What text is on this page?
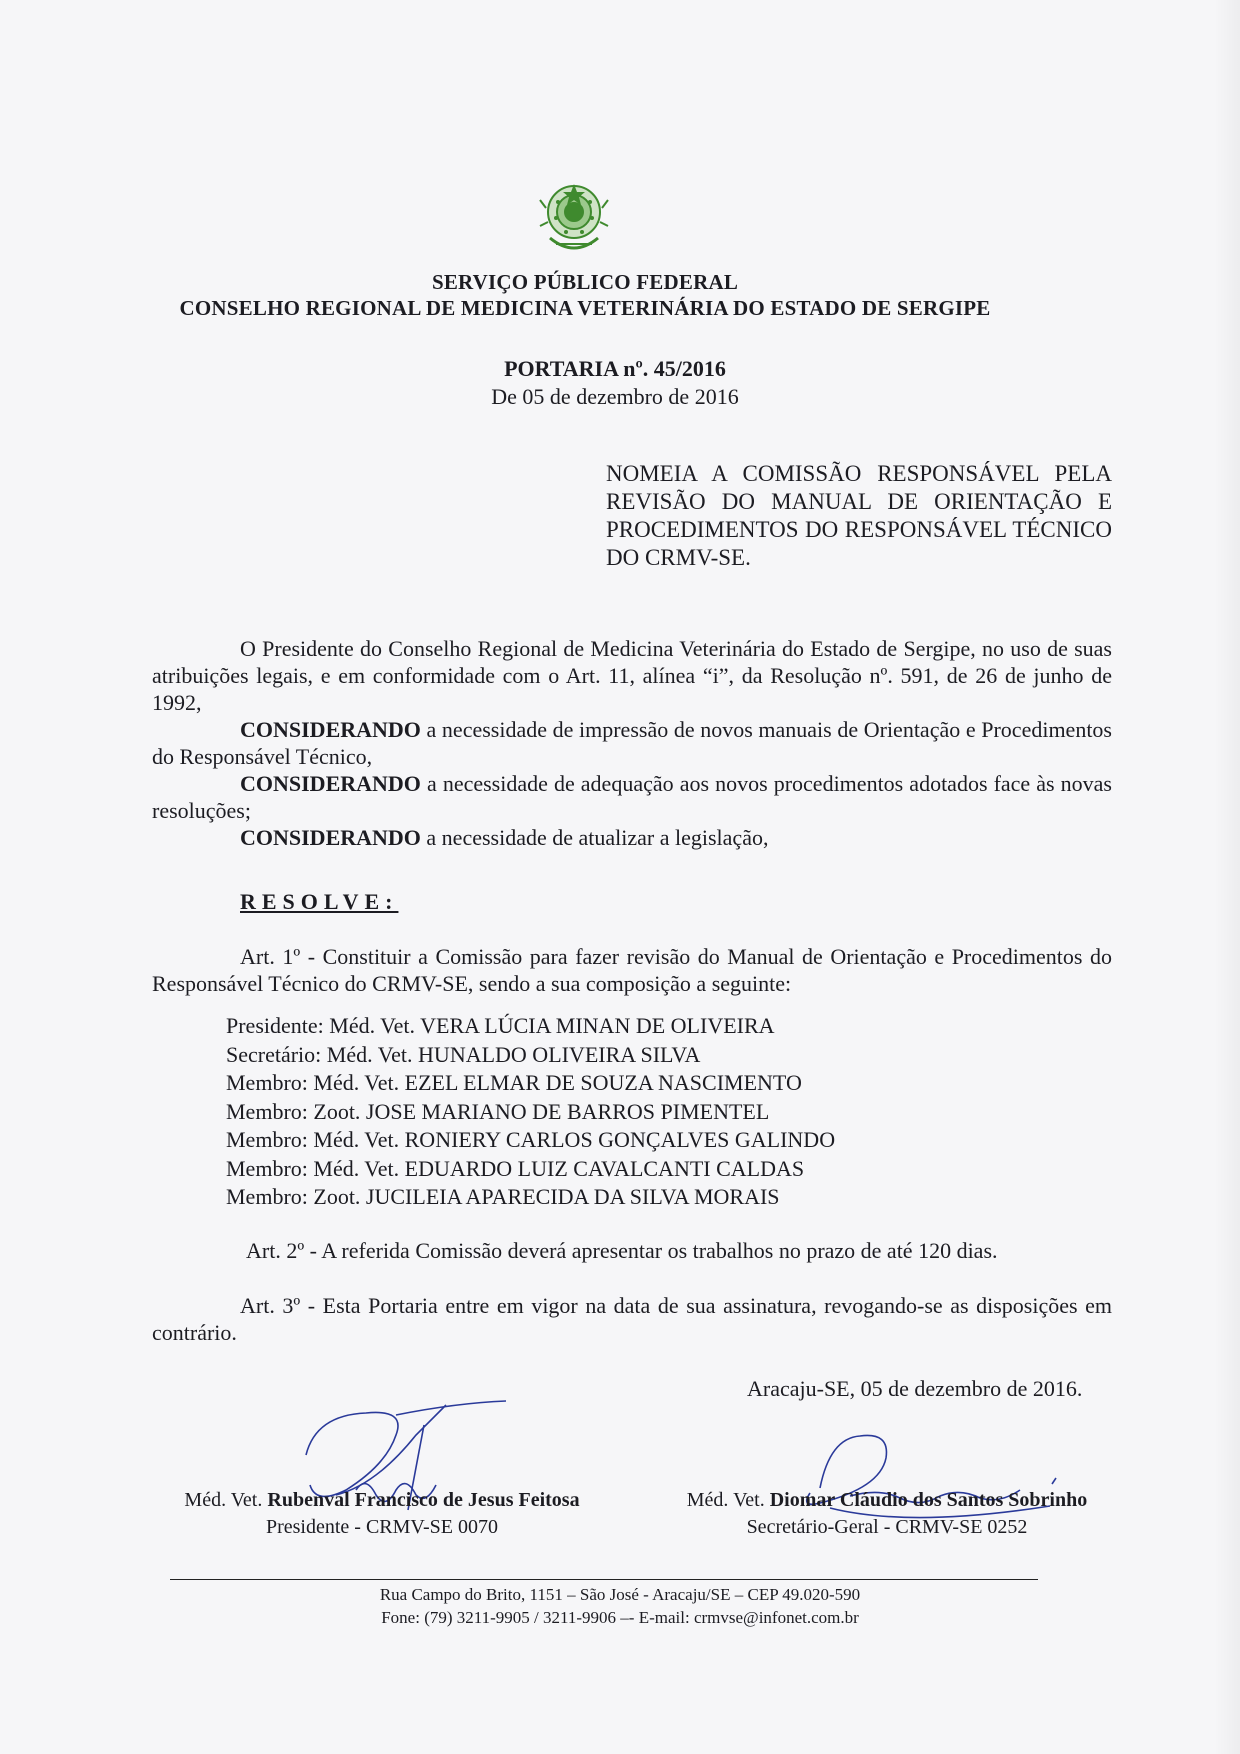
SERVIÇO PÚBLICO FEDERAL
CONSELHO REGIONAL DE MEDICINA VETERINÁRIA DO ESTADO DE SERGIPE
PORTARIA nº. 45/2016
De 05 de dezembro de 2016
NOMEIA A COMISSÃO RESPONSÁVEL PELA REVISÃO DO MANUAL DE ORIENTAÇÃO E PROCEDIMENTOS DO RESPONSÁVEL TÉCNICO DO CRMV-SE.

O Presidente do Conselho Regional de Medicina Veterinária do Estado de Sergipe, no uso de suas atribuições legais, e em conformidade com o Art. 11, alínea “i”, da Resolução nº. 591, de 26 de junho de 1992,

CONSIDERANDO a necessidade de impressão de novos manuais de Orientação e Procedimentos do Responsável Técnico,

CONSIDERANDO a necessidade de adequação aos novos procedimentos adotados face às novas resoluções;

CONSIDERANDO a necessidade de atualizar a legislação,

RESOLVE:

Art. 1º - Constituir a Comissão para fazer revisão do Manual de Orientação e Procedimentos do Responsável Técnico do CRMV-SE, sendo a sua composição a seguinte:

Presidente: Méd. Vet. VERA LÚCIA MINAN DE OLIVEIRA
Secretário: Méd. Vet. HUNALDO OLIVEIRA SILVA
Membro: Méd. Vet. EZEL ELMAR DE SOUZA NASCIMENTO
Membro: Zoot. JOSE MARIANO DE BARROS PIMENTEL
Membro: Méd. Vet. RONIERY CARLOS GONÇALVES GALINDO
Membro: Méd. Vet. EDUARDO LUIZ CAVALCANTI CALDAS
Membro: Zoot. JUCILEIA APARECIDA DA SILVA MORAIS
Art. 2º - A referida Comissão deverá apresentar os trabalhos no prazo de até 120 dias.

Art. 3º - Esta Portaria entre em vigor na data de sua assinatura, revogando-se as disposições em contrário.

Aracaju-SE, 05 de dezembro de 2016.
Méd. Vet. Rubenval Francisco de Jesus Feitosa
Presidente - CRMV-SE 0070
Méd. Vet. Diomar Cláudio dos Santos Sobrinho
Secretário-Geral - CRMV-SE 0252
Rua Campo do Brito, 1151 – São José - Aracaju/SE – CEP 49.020-590
Fone: (79) 3211-9905 / 3211-9906 –- E-mail: crmvse@infonet.com.br
